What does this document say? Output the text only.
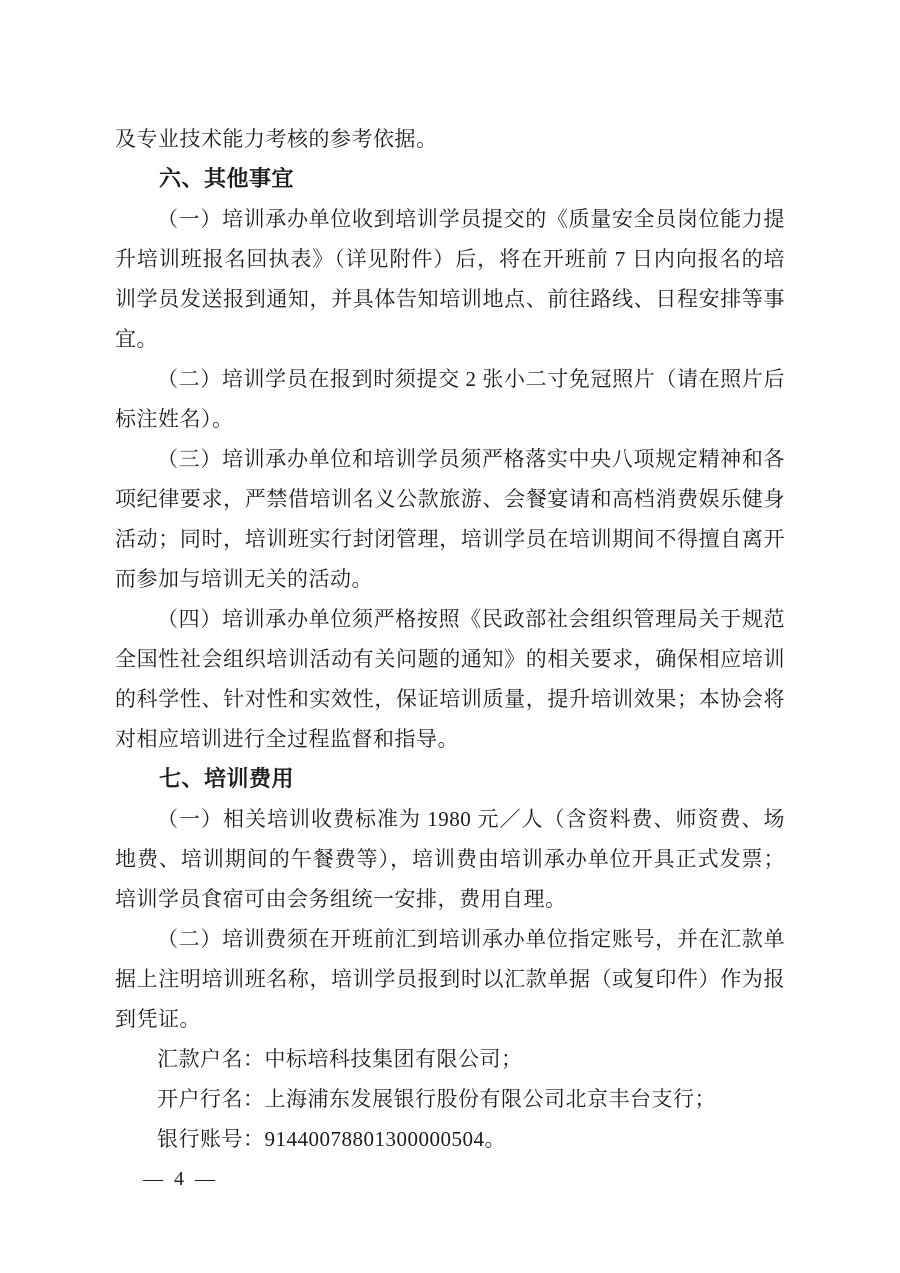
及专业技术能力考核的参考依据。

六、其他事宜

（一）培训承办单位收到培训学员提交的《质量安全员岗位能力提升培训班报名回执表》（详见附件）后，将在开班前 7 日内向报名的培训学员发送报到通知，并具体告知培训地点、前往路线、日程安排等事宜。

（二）培训学员在报到时须提交 2 张小二寸免冠照片（请在照片后标注姓名）。

（三）培训承办单位和培训学员须严格落实中央八项规定精神和各项纪律要求，严禁借培训名义公款旅游、会餐宴请和高档消费娱乐健身活动；同时，培训班实行封闭管理，培训学员在培训期间不得擅自离开而参加与培训无关的活动。

（四）培训承办单位须严格按照《民政部社会组织管理局关于规范全国性社会组织培训活动有关问题的通知》的相关要求，确保相应培训的科学性、针对性和实效性，保证培训质量，提升培训效果；本协会将对相应培训进行全过程监督和指导。

七、培训费用

（一）相关培训收费标准为 1980 元／人（含资料费、师资费、场地费、培训期间的午餐费等），培训费由培训承办单位开具正式发票；培训学员食宿可由会务组统一安排，费用自理。

（二）培训费须在开班前汇到培训承办单位指定账号，并在汇款单据上注明培训班名称，培训学员报到时以汇款单据（或复印件）作为报到凭证。

汇款户名：中标培科技集团有限公司；

开户行名：上海浦东发展银行股份有限公司北京丰台支行；

银行账号：91440078801300000504。

— 4 —
